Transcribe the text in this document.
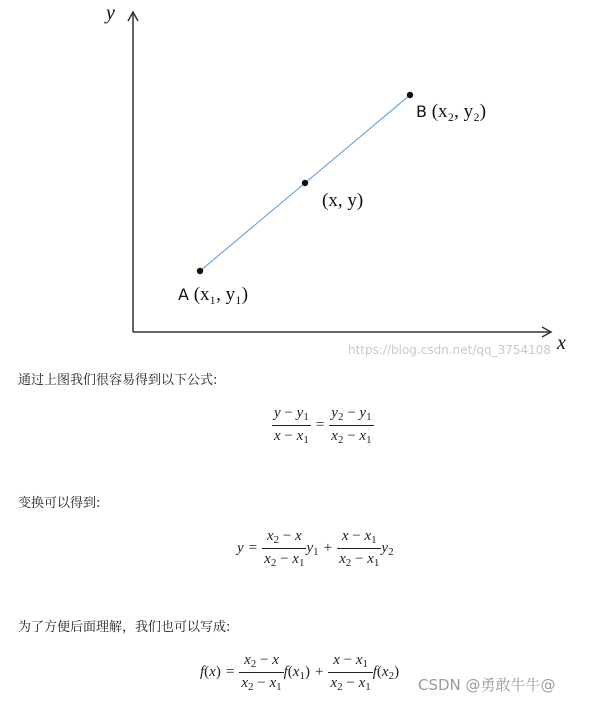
y
x
A (x₁, y₁)
(x, y)
B (x₂, y₂)
https://blog.csdn.net/qq_3754108
通过上图我们很容易得到以下公式:
$\frac{y - y_1}{x - x_1} = \frac{y_2 - y_1}{x_2 - x_1}$
变换可以得到:
$y = \frac{x_2 - x}{x_2 - x_1} y_1 + \frac{x - x_1}{x_2 - x_1} y_2$
为了方便后面理解，我们也可以写成:
$f(x) = \frac{x_2 - x}{x_2 - x_1} f(x_1) + \frac{x - x_1}{x_2 - x_1} f(x_2)$
CSDN @勇敢牛牛@
